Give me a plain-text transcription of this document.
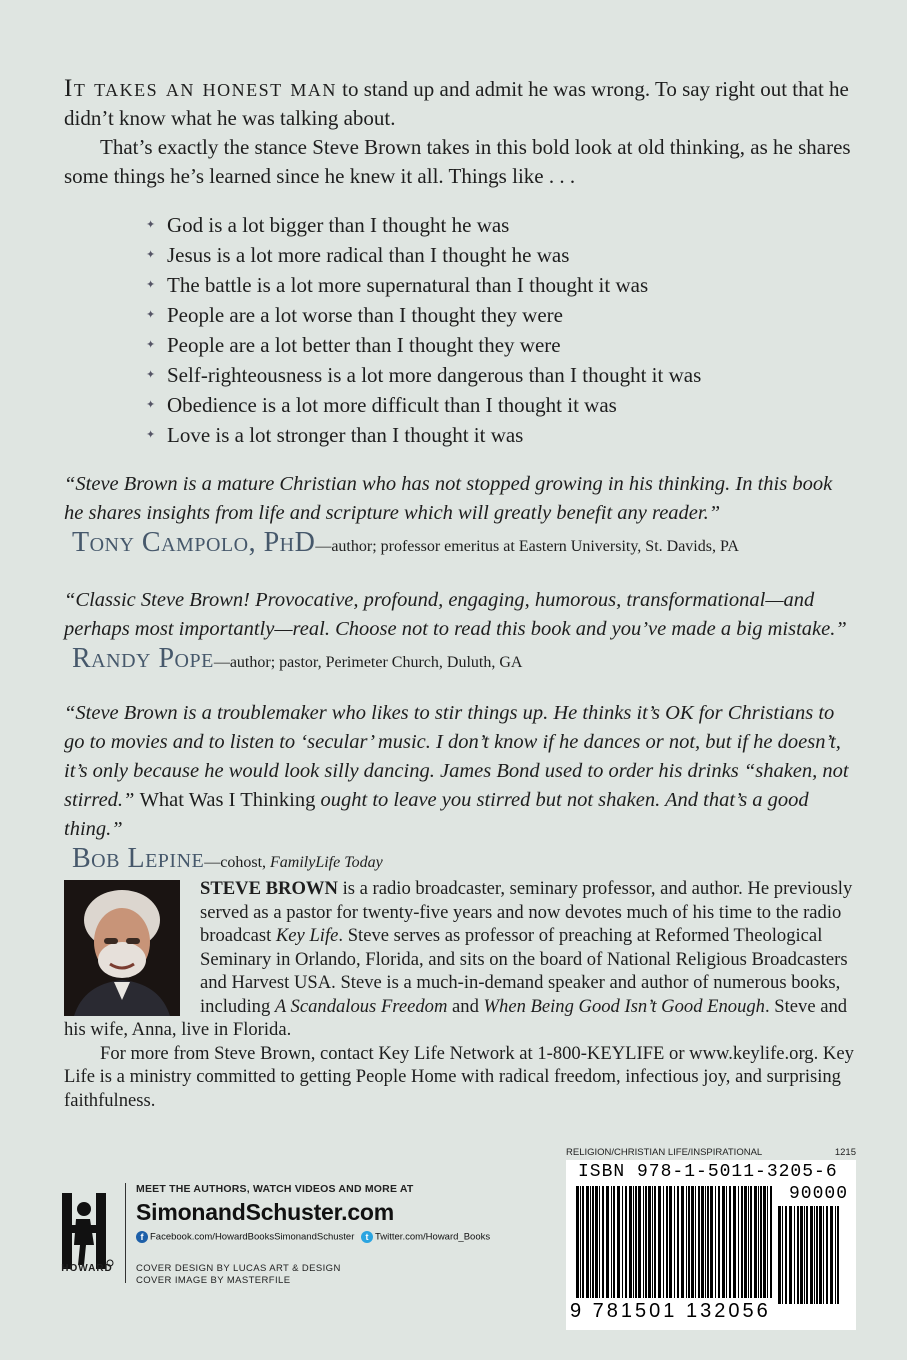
It takes an honest man to stand up and admit he was wrong. To say right out that he didn’t know what he was talking about.

That’s exactly the stance Steve Brown takes in this bold look at old thinking, as he shares some things he’s learned since he knew it all. Things like . . .

✦ God is a lot bigger than I thought he was
✦ Jesus is a lot more radical than I thought he was
✦ The battle is a lot more supernatural than I thought it was
✦ People are a lot worse than I thought they were
✦ People are a lot better than I thought they were
✦ Self-righteousness is a lot more dangerous than I thought it was
✦ Obedience is a lot more difficult than I thought it was
✦ Love is a lot stronger than I thought it was

“Steve Brown is a mature Christian who has not stopped growing in his thinking. In this book he shares insights from life and scripture which will greatly benefit any reader.”

Tony Campolo, PhD—author; professor emeritus at Eastern University, St. Davids, PA

“Classic Steve Brown! Provocative, profound, engaging, humorous, transformational—and perhaps most importantly—real. Choose not to read this book and you’ve made a big mistake.”

Randy Pope—author; pastor, Perimeter Church, Duluth, GA

“Steve Brown is a troublemaker who likes to stir things up. He thinks it’s OK for Christians to go to movies and to listen to ‘secular’ music. I don’t know if he dances or not, but if he doesn’t, it’s only because he would look silly dancing. James Bond used to order his drinks “shaken, not stirred.” What Was I Thinking ought to leave you stirred but not shaken. And that’s a good thing.”

Bob Lepine—cohost, FamilyLife Today

STEVE BROWN is a radio broadcaster, seminary professor, and author. He previously served as a pastor for twenty-five years and now devotes much of his time to the radio broadcast Key Life. Steve serves as professor of preaching at Reformed Theological Seminary in Orlando, Florida, and sits on the board of National Religious Broadcasters and Harvest USA. Steve is a much-in-demand speaker and author of numerous books, including A Scandalous Freedom and When Being Good Isn’t Good Enough. Steve and his wife, Anna, live in Florida.

For more from Steve Brown, contact Key Life Network at 1-800-KEYLIFE or www.keylife.org. Key Life is a ministry committed to getting People Home with radical freedom, infectious joy, and surprising faithfulness.

HOWARD
MEET THE AUTHORS, WATCH VIDEOS AND MORE AT
SimonandSchuster.com
f Facebook.com/HowardBooksSimonandSchuster t Twitter.com/Howard_Books
COVER DESIGN BY LUCAS ART & DESIGN
COVER IMAGE BY MASTERFILE
RELIGION/CHRISTIAN LIFE/INSPIRATIONAL	1215
ISBN 978-1-5011-3205-6
90000
9 781501 132056
